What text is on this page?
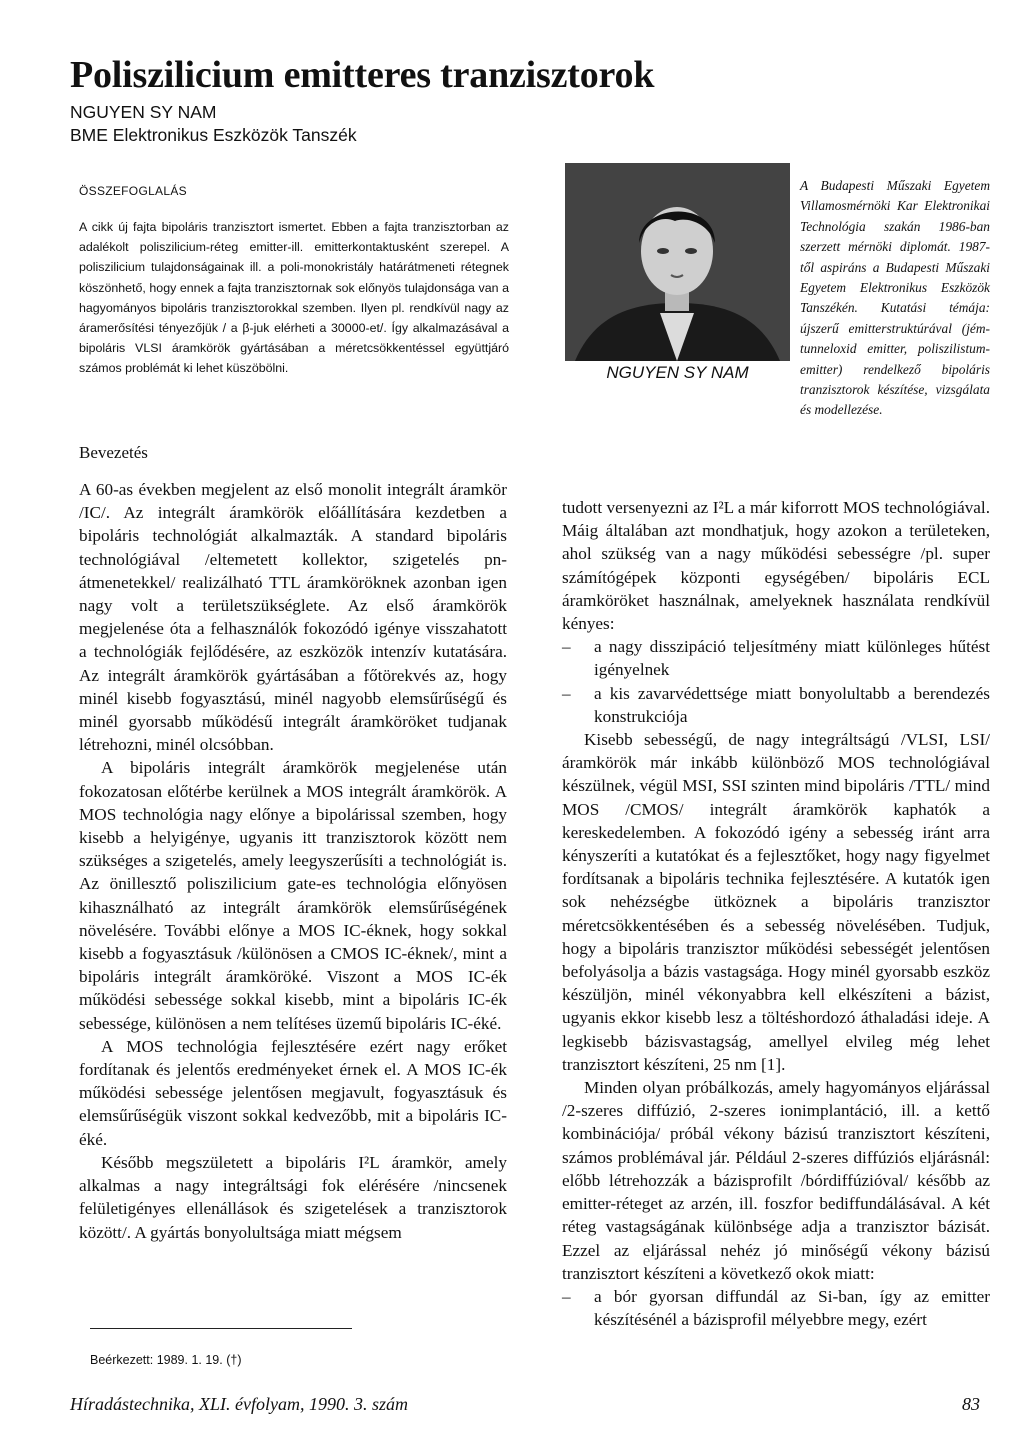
Poliszilicium emitteres tranzisztorok
NGUYEN SY NAM
BME Elektronikus Eszközök Tanszék
ÖSSZEFOGLALÁS
A cikk új fajta bipoláris tranzisztort ismertet. Ebben a fajta tranzisztorban az adalékolt poliszilicium-réteg emitter-ill. emitterkontaktusként szerepel. A poliszilicium tulajdonságainak ill. a poli-monokristály határátmeneti rétegnek köszönhető, hogy ennek a fajta tranzisztornak sok előnyös tulajdonsága van a hagyományos bipoláris tranzisztorokkal szemben. Ilyen pl. rendkívül nagy az áramerősítési tényezőjük / a β-juk elérheti a 30000-et/. Így alkalmazásával a bipoláris VLSI áramkörök gyártásában a méretcsökkentéssel együttjáró számos problémát ki lehet küszöbölni.	NGUYEN SY NAM
A Budapesti Műszaki Egyetem Villamosmérnöki Kar Elektronikai Technológia szakán 1986-ban szerzett mérnöki diplomát. 1987-től aspiráns a Budapesti Műszaki Egyetem Elektronikus Eszközök Tanszékén. Kutatási témája: újszerű emitterstruktúrával (jém-tunneloxid emitter, poliszilistum-emitter) rendelkező bipoláris tranzisztorok készítése, vizsgálata és modellezése.
Bevezetés

A 60-as években megjelent az első monolit integrált áramkör /IC/. Az integrált áramkörök előállítására kezdetben a bipoláris technológiát alkalmazták. A standard bipoláris technológiával /eltemetett kollektor, szigetelés pn-átmenetekkel/ realizálható TTL áramköröknek azonban igen nagy volt a területszükséglete. Az első áramkörök megjelenése óta a felhasználók fokozódó igénye visszahatott a technológiák fejlődésére, az eszközök intenzív kutatására. Az integrált áramkörök gyártásában a főtörekvés az, hogy minél kisebb fogyasztású, minél nagyobb elemsűrűségű és minél gyorsabb működésű integrált áramköröket tudjanak létrehozni, minél olcsóbban.

A bipoláris integrált áramkörök megjelenése után fokozatosan előtérbe kerülnek a MOS integrált áramkörök. A MOS technológia nagy előnye a bipolárissal szemben, hogy kisebb a helyigénye, ugyanis itt tranzisztorok között nem szükséges a szigetelés, amely leegyszerűsíti a technológiát is. Az önillesztő poliszilicium gate-es technológia előnyösen kihasználható az integrált áramkörök elemsűrűségének növelésére. További előnye a MOS IC-éknek, hogy sokkal kisebb a fogyasztásuk /különösen a CMOS IC-éknek/, mint a bipoláris integrált áramköröké. Viszont a MOS IC-ék működési sebessége sokkal kisebb, mint a bipoláris IC-ék sebessége, különösen a nem telítéses üzemű bipoláris IC-éké.

A MOS technológia fejlesztésére ezért nagy erőket fordítanak és jelentős eredményeket érnek el. A MOS IC-ék működési sebessége jelentősen megjavult, fogyasztásuk és elemsűrűségük viszont sokkal kedvezőbb, mit a bipoláris IC-éké.

Később megszületett a bipoláris I²L áramkör, amely alkalmas a nagy integráltsági fok elérésére /nincsenek felületigényes ellenállások és szigetelések a tranzisztorok között/. A gyártás bonyolultsága miatt mégsem

tudott versenyezni az I²L a már kiforrott MOS technológiával. Máig általában azt mondhatjuk, hogy azokon a területeken, ahol szükség van a nagy működési sebességre /pl. super számítógépek központi egységében/ bipoláris ECL áramköröket használnak, amelyeknek használata rendkívül kényes:

– a nagy disszipáció teljesítmény miatt különleges hűtést igényelnek

– a kis zavarvédettsége miatt bonyolultabb a berendezés konstrukciója

Kisebb sebességű, de nagy integráltságú /VLSI, LSI/ áramkörök már inkább különböző MOS technológiával készülnek, végül MSI, SSI szinten mind bipoláris /TTL/ mind MOS /CMOS/ integrált áramkörök kaphatók a kereskedelemben. A fokozódó igény a sebesség iránt arra kényszeríti a kutatókat és a fejlesztőket, hogy nagy figyelmet fordítsanak a bipoláris technika fejlesztésére. A kutatók igen sok nehézségbe ütköznek a bipoláris tranzisztor méretcsökkentésében és a sebesség növelésében. Tudjuk, hogy a bipoláris tranzisztor működési sebességét jelentősen befolyásolja a bázis vastagsága. Hogy minél gyorsabb eszköz készüljön, minél vékonyabbra kell elkészíteni a bázist, ugyanis ekkor kisebb lesz a töltéshordozó áthaladási ideje. A legkisebb bázisvastagság, amellyel elvileg még lehet tranzisztort készíteni, 25 nm [1].

Minden olyan próbálkozás, amely hagyományos eljárással /2-szeres diffúzió, 2-szeres ionimplantáció, ill. a kettő kombinációja/ próbál vékony bázisú tranzisztort készíteni, számos problémával jár. Például 2-szeres diffúziós eljárásnál: előbb létrehozzák a bázisprofilt /bórdiffúzióval/ később az emitter-réteget az arzén, ill. foszfor bediffundálásával. A két réteg vastagságának különbsége adja a tranzisztor bázisát. Ezzel az eljárással nehéz jó minőségű vékony bázisú tranzisztort készíteni a következő okok miatt:

– a bór gyorsan diffundál az Si-ban, így az emitter készítésénél a bázisprofil mélyebbre megy, ezért

Beérkezett: 1989. 1. 19. (†)
Híradástechnika, XLI. évfolyam, 1990. 3. szám	83
